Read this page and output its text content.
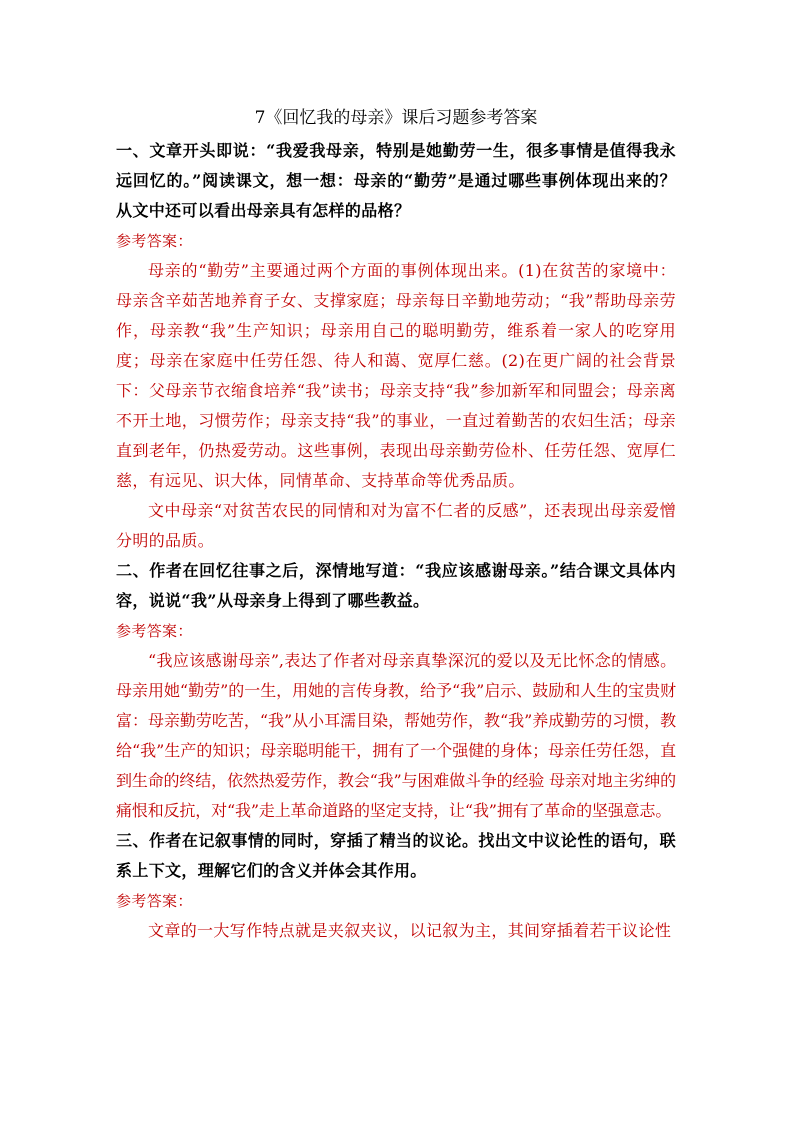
7《回忆我的母亲》课后习题参考答案

一、文章开头即说：“我爱我母亲，特别是她勤劳一生，很多事情是值得我永远回忆的。”阅读课文，想一想：母亲的“勤劳”是通过哪些事例体现出来的？从文中还可以看出母亲具有怎样的品格？

参考答案：

母亲的“勤劳”主要通过两个方面的事例体现出来。(1)在贫苦的家境中：母亲含辛茹苦地养育子女、支撑家庭；母亲每日辛勤地劳动；“我”帮助母亲劳作，母亲教“我”生产知识；母亲用自己的聪明勤劳，维系着一家人的吃穿用度；母亲在家庭中任劳任怨、待人和蔼、宽厚仁慈。(2)在更广阔的社会背景下：父母亲节衣缩食培养“我”读书；母亲支持“我”参加新军和同盟会；母亲离不开土地，习惯劳作；母亲支持“我”的事业，一直过着勤苦的农妇生活；母亲直到老年，仍热爱劳动。这些事例，表现出母亲勤劳俭朴、任劳任怨、宽厚仁慈，有远见、识大体，同情革命、支持革命等优秀品质。

文中母亲“对贫苦农民的同情和对为富不仁者的反感”，还表现出母亲爱憎分明的品质。

二、作者在回忆往事之后，深情地写道：“我应该感谢母亲。”结合课文具体内容，说说“我”从母亲身上得到了哪些教益。

参考答案：

“我应该感谢母亲”,表达了作者对母亲真挚深沉的爱以及无比怀念的情感。母亲用她“勤劳”的一生，用她的言传身教，给予“我”启示、鼓励和人生的宝贵财富：母亲勤劳吃苦，“我”从小耳濡目染，帮她劳作，教“我”养成勤劳的习惯，教给“我”生产的知识；母亲聪明能干，拥有了一个强健的身体；母亲任劳任怨，直到生命的终结，依然热爱劳作，教会“我”与困难做斗争的经验 母亲对地主劣绅的痛恨和反抗，对“我”走上革命道路的坚定支持，让“我”拥有了革命的坚强意志。

三、作者在记叙事情的同时，穿插了精当的议论。找出文中议论性的语句，联系上下文，理解它们的含义并体会其作用。

参考答案：

文章的一大写作特点就是夹叙夹议，以记叙为主，其间穿插着若干议论性
